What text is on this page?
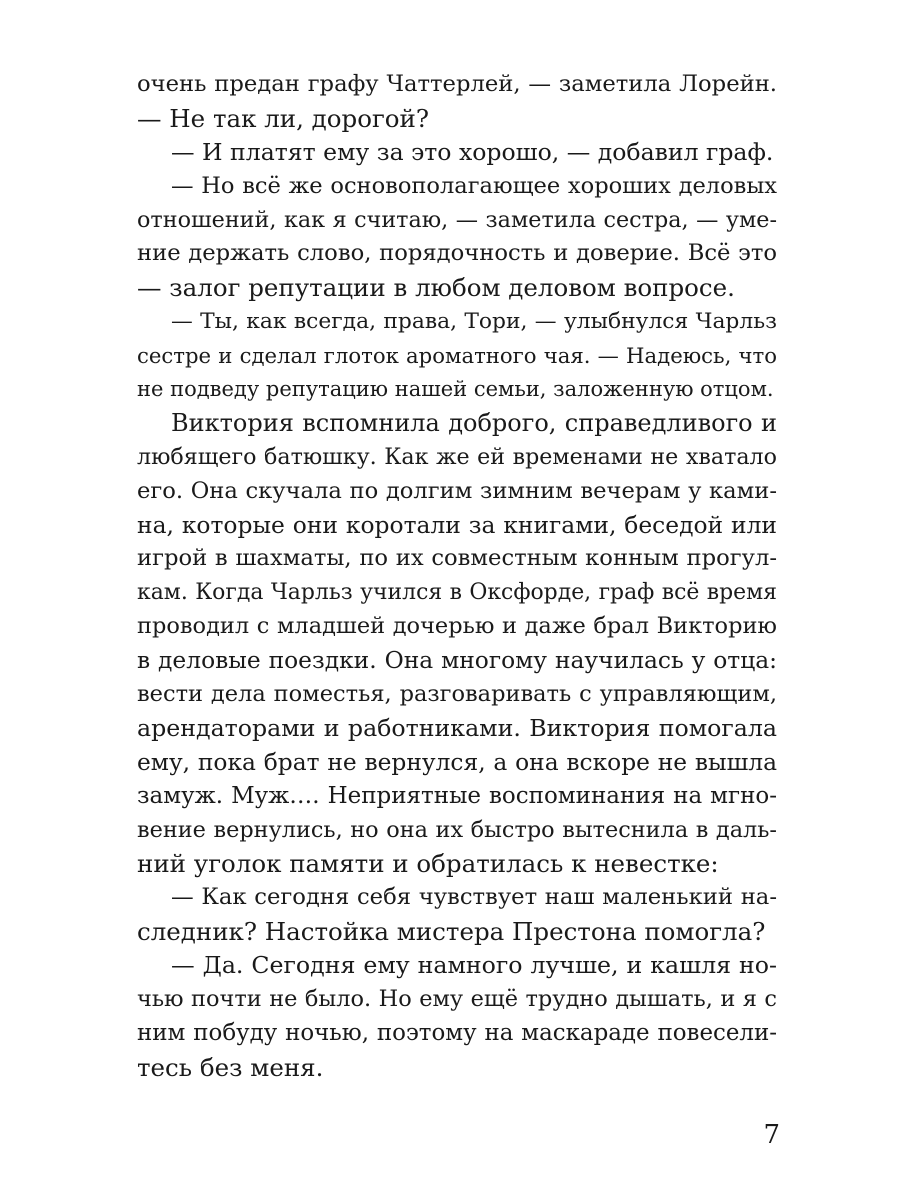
очень предан графу Чаттерлей, — заметила Лорейн.
— Не так ли, дорогой?
— И платят ему за это хорошо, — добавил граф.
— Но всё же основополагающее хороших деловых
отношений, как я считаю, — заметила сестра, — уме-
ние держать слово, порядочность и доверие. Всё это
— залог репутации в любом деловом вопросе.
— Ты, как всегда, права, Тори, — улыбнулся Чарльз
сестре и сделал глоток ароматного чая. — Надеюсь, что
не подведу репутацию нашей семьи, заложенную отцом.
Виктория вспомнила доброго, справедливого и
любящего батюшку. Как же ей временами не хватало
его. Она скучала по долгим зимним вечерам у ками-
на, которые они коротали за книгами, беседой или
игрой в шахматы, по их совместным конным прогул-
кам. Когда Чарльз учился в Оксфорде, граф всё время
проводил с младшей дочерью и даже брал Викторию
в деловые поездки. Она многому научилась у отца:
вести дела поместья, разговаривать с управляющим,
арендаторами и работниками. Виктория помогала
ему, пока брат не вернулся, а она вскоре не вышла
замуж. Муж…. Неприятные воспоминания на мгно-
вение вернулись, но она их быстро вытеснила в даль-
ний уголок памяти и обратилась к невестке:
— Как сегодня себя чувствует наш маленький на-
следник? Настойка мистера Престона помогла?
— Да. Сегодня ему намного лучше, и кашля но-
чью почти не было. Но ему ещё трудно дышать, и я с
ним побуду ночью, поэтому на маскараде повесели-
тесь без меня.
7
